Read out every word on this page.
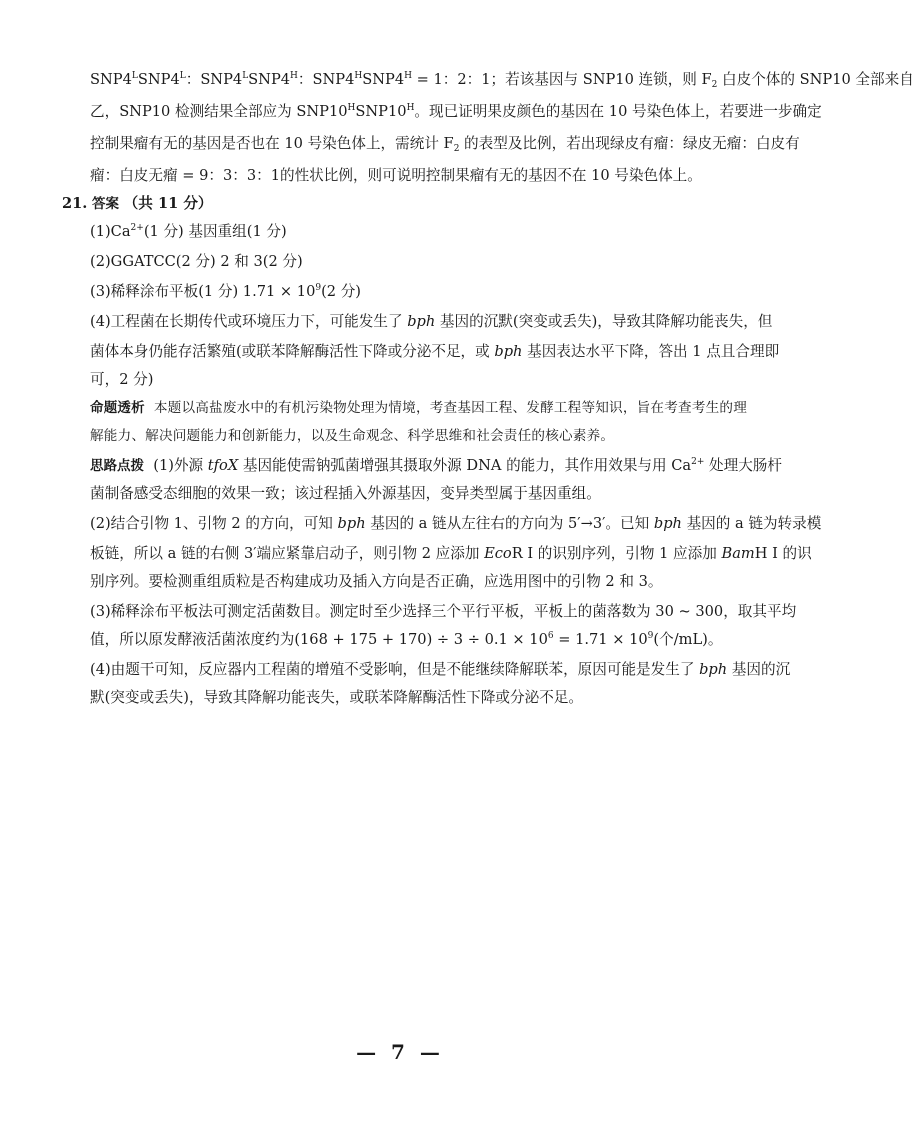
$SNP4^LSNP4^L$：$SNP4^LSNP4^H$：$SNP4^HSNP4^H = 1$：2：1；若该基因与 SNP10 连锁，则 $F_2$ 白皮个体的 SNP10 全部来自
乙，SNP10 检测结果全部应为 $SNP10^HSNP10^H$。现已证明果皮颜色的基因在 10 号染色体上，若要进一步确定
控制果瘤有无的基因是否也在 10 号染色体上，需统计 $F_2$ 的表型及比例，若出现绿皮有瘤：绿皮无瘤：白皮有
瘤：白皮无瘤 = 9：3：3：1的性状比例，则可说明控制果瘤有无的基因不在 10 号染色体上。
21. 答案 （共 11 分）
$(1)Ca^{2+}(1$ 分) 基因重组(1 分)
(2)GGATCC(2 分) 2 和 3(2 分)
(3)稀释涂布平板(1 分) $1.71 \times 10^9(2$ 分)
(4)工程菌在长期传代或环境压力下，可能发生了 bph 基因的沉默(突变或丢失)，导致其降解功能丧失，但
菌体本身仍能存活繁殖(或联苯降解酶活性下降或分泌不足，或 bph 基因表达水平下降，答出 1 点且合理即
可，2 分)
命题透析 本题以高盐废水中的有机污染物处理为情境，考查基因工程、发酵工程等知识，旨在考查考生的理
解能力、解决问题能力和创新能力，以及生命观念、科学思维和社会责任的核心素养。
思路点拨 (1)外源 tfoX 基因能使需钠弧菌增强其摄取外源 DNA 的能力，其作用效果与用 $Ca^{2+}$ 处理大肠杆
菌制备感受态细胞的效果一致；该过程插入外源基因，变异类型属于基因重组。
(2)结合引物 1、引物 2 的方向，可知 bph 基因的 a 链从左往右的方向为 5′→3′。已知 bph 基因的 a 链为转录模
板链，所以 a 链的右侧 3′端应紧靠启动子，则引物 2 应添加 EcoR Ⅰ 的识别序列，引物 1 应添加 BamH Ⅰ 的识
别序列。要检测重组质粒是否构建成功及插入方向是否正确，应选用图中的引物 2 和 3。
(3)稀释涂布平板法可测定活菌数目。测定时至少选择三个平行平板，平板上的菌落数为 30 ~ 300，取其平均
值，所以原发酵液活菌浓度约为$(168 + 175 + 170) \div 3 \div 0.1 \times 10^6 = 1.71 \times 10^9$(个/mL)。
(4)由题干可知，反应器内工程菌的增殖不受影响，但是不能继续降解联苯，原因可能是发生了 bph 基因的沉
默(突变或丢失)，导致其降解功能丧失，或联苯降解酶活性下降或分泌不足。
— 7 —
